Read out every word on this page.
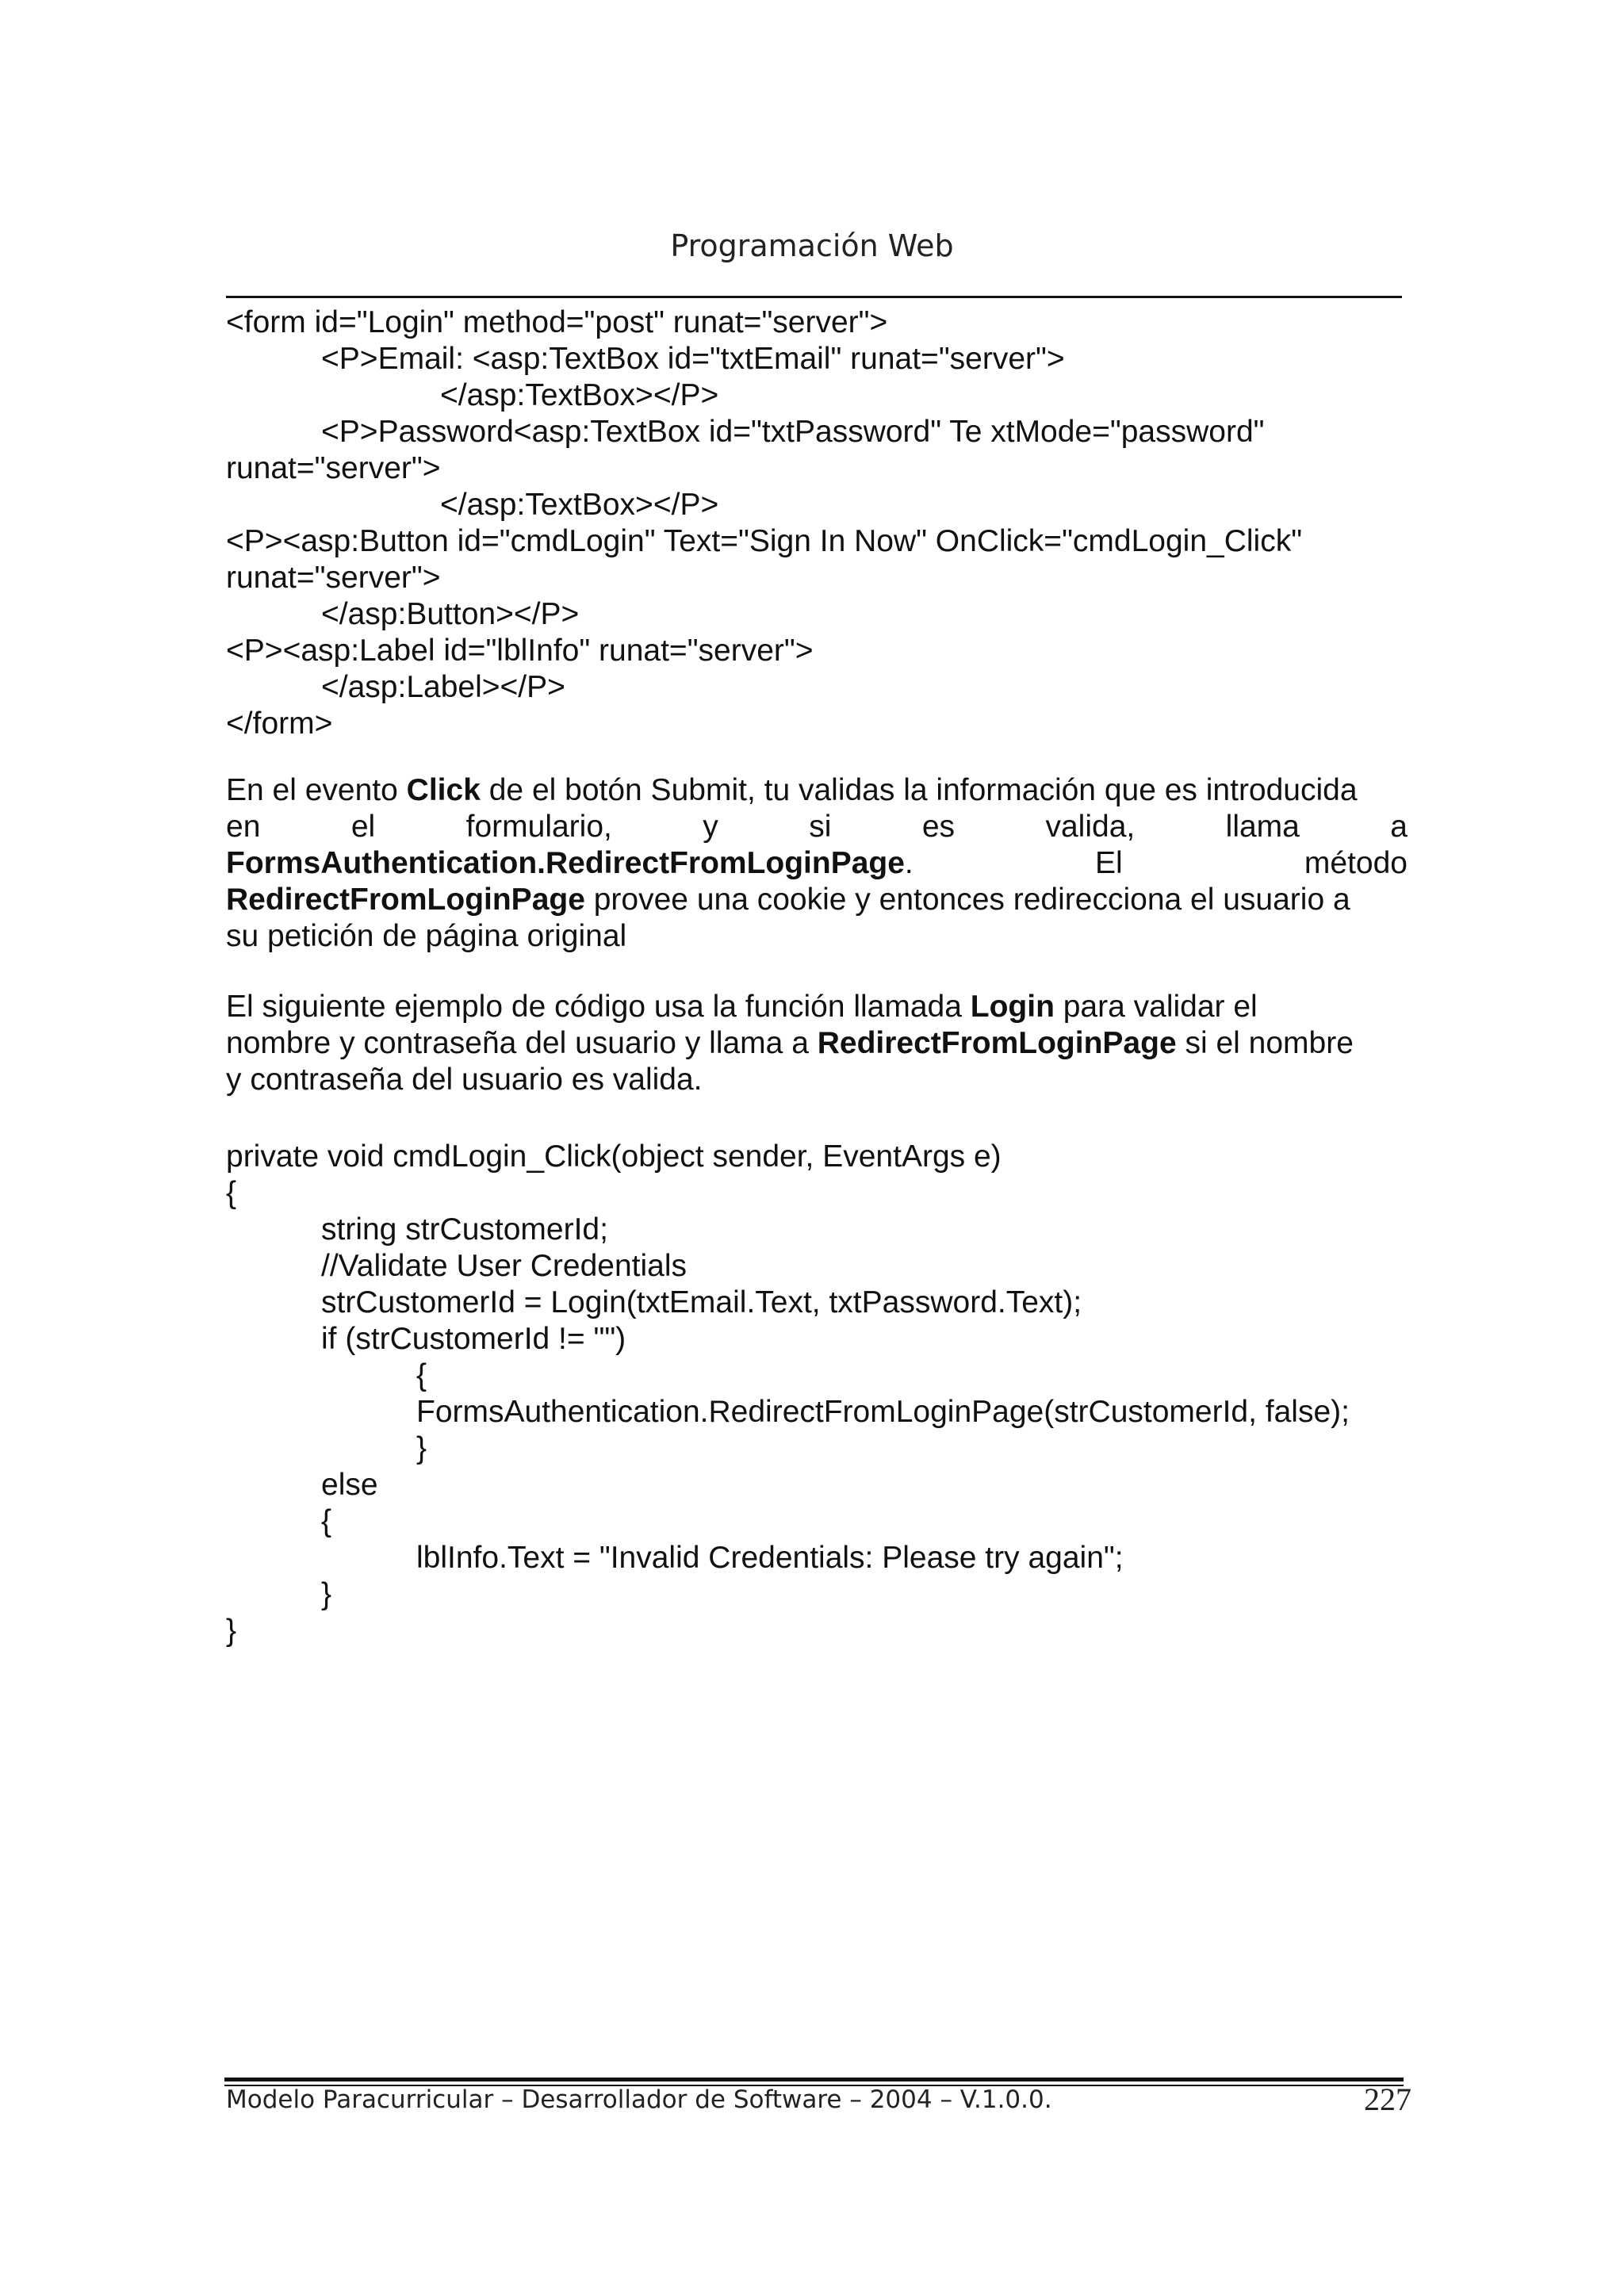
Programación Web
<form id="Login" method="post" runat="server">
<P>Email: <asp:TextBox id="txtEmail" runat="server">
</asp:TextBox></P>
<P>Password<asp:TextBox id="txtPassword" Te xtMode="password"
runat="server">
</asp:TextBox></P>
<P><asp:Button id="cmdLogin" Text="Sign In Now" OnClick="cmdLogin_Click"
runat="server">
</asp:Button></P>
<P><asp:Label id="lblInfo" runat="server">
</asp:Label></P>
</form>
En el evento Click de el botón Submit, tu validas la información que es introducida
en el formulario, y si es valida, llama a
FormsAuthentication.RedirectFromLoginPage. El método
RedirectFromLoginPage provee una cookie y entonces redirecciona el usuario a
su petición de página original
El siguiente ejemplo de código usa la función llamada Login para validar el
nombre y contraseña del usuario y llama a RedirectFromLoginPage si el nombre
y contraseña del usuario es valida.
private void cmdLogin_Click(object sender, EventArgs e)
{
string strCustomerId;
//Validate User Credentials
strCustomerId = Login(txtEmail.Text, txtPassword.Text);
if (strCustomerId != "")
{
FormsAuthentication.RedirectFromLoginPage(strCustomerId, false);
}
else
{
lblInfo.Text = "Invalid Credentials: Please try again";
}
}
Modelo Paracurricular – Desarrollador de Software – 2004 – V.1.0.0.	227
